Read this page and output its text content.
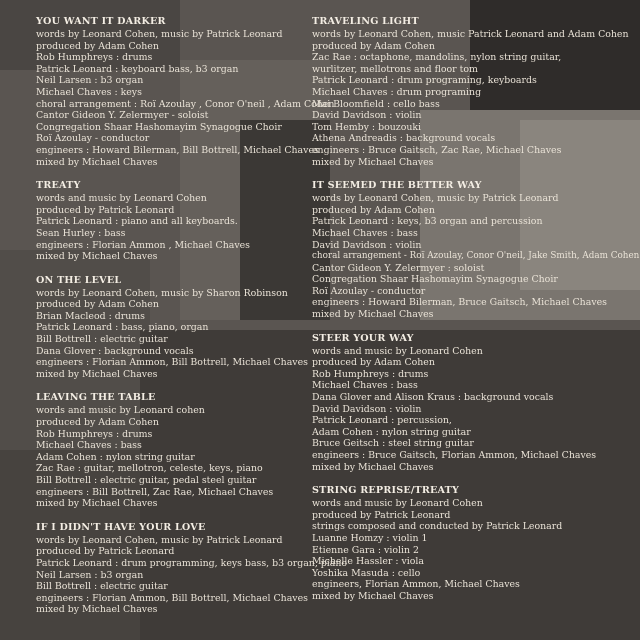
YOU WANT IT DARKER
words by Leonard Cohen, music by Patrick Leonard
produced by Adam Cohen
Rob Humphreys : drums
Patrick Leonard : keyboard bass, b3 organ
Neil Larsen : b3 organ
Michael Chaves : keys
choral arrangement : Roï Azoulay , Conor O'neil , Adam Cohen
Cantor Gideon Y. Zelermyer - soloist
Congregation Shaar Hashomayim Synagogue Choir
Roï Azoulay - conductor
engineers : Howard Bilerman, Bill Bottrell, Michael Chaves
mixed by Michael Chaves
TREATY
words and music by Leonard Cohen
produced by Patrick Leonard
Patrick Leonard : piano and all keyboards.
Sean Hurley : bass
engineers : Florian Ammon , Michael Chaves
mixed by Michael Chaves
ON THE LEVEL
words by Leonard Cohen, music by Sharon Robinson
produced by Adam Cohen
Brian Macleod : drums
Patrick Leonard : bass, piano, organ
Bill Bottrell : electric guitar
Dana Glover : background vocals
engineers : Florian Ammon, Bill Bottrell, Michael Chaves
mixed by Michael Chaves
LEAVING THE TABLE
words and music by Leonard cohen
produced by Adam Cohen
Rob Humphreys : drums
Michael Chaves : bass
Adam Cohen : nylon string guitar
Zac Rae : guitar, mellotron, celeste, keys, piano
Bill Bottrell : electric guitar, pedal steel guitar
engineers : Bill Bottrell, Zac Rae, Michael Chaves
mixed by Michael Chaves
IF I DIDN'T HAVE YOUR LOVE
words by Leonard Cohen, music by Patrick Leonard
produced by Patrick Leonard
Patrick Leonard : drum programming, keys bass, b3 organ, piano
Neil Larsen : b3 organ
Bill Bottrell : electric guitar
engineers : Florian Ammon, Bill Bottrell, Michael Chaves
mixed by Michael Chaves
TRAVELING LIGHT
words by Leonard Cohen, music Patrick Leonard and Adam Cohen
produced by Adam Cohen
Zac Rae : octaphone, mandolins, nylon string guitar,
wurlitzer, mellotrons and floor tom
Patrick Leonard : drum programing, keyboards
Michael Chaves : drum programing
Mai Bloomfield : cello bass
David Davidson : violin
Tom Hemby : bouzouki
Athena Andreadis : background vocals
engineers : Bruce Gaitsch, Zac Rae, Michael Chaves
mixed by Michael Chaves
IT SEEMED THE BETTER WAY
words by Leonard Cohen, music by Patrick Leonard
produced by Adam Cohen
Patrick Leonard : keys, b3 organ and percussion
Michael Chaves : bass
David Davidson : violin
choral arrangement - Roï Azoulay, Conor O'neil, Jake Smith, Adam Cohen
Cantor Gideon Y. Zelermyer : soloist
Congregation Shaar Hashomayim Synagogue Choir
Roï Azoulay - conductor
engineers : Howard Bilerman, Bruce Gaitsch, Michael Chaves
mixed by Michael Chaves
STEER YOUR WAY
words and music by Leonard Cohen
produced by Adam Cohen
Rob Humphreys : drums
Michael Chaves : bass
Dana Glover and Alison Kraus : background vocals
David Davidson : violin
Patrick Leonard : percussion,
Adam Cohen : nylon string guitar
Bruce Geitsch : steel string guitar
engineers : Bruce Gaitsch, Florian Ammon, Michael Chaves
mixed by Michael Chaves
STRING REPRISE/TREATY
words and music by Leonard Cohen
produced by Patrick Leonard
strings composed and conducted by Patrick Leonard
Luanne Homzy : violin 1
Etienne Gara : violin 2
Michelle Hassler : viola
Yoshika Masuda : cello
engineers, Florian Ammon, Michael Chaves
mixed by Michael Chaves
